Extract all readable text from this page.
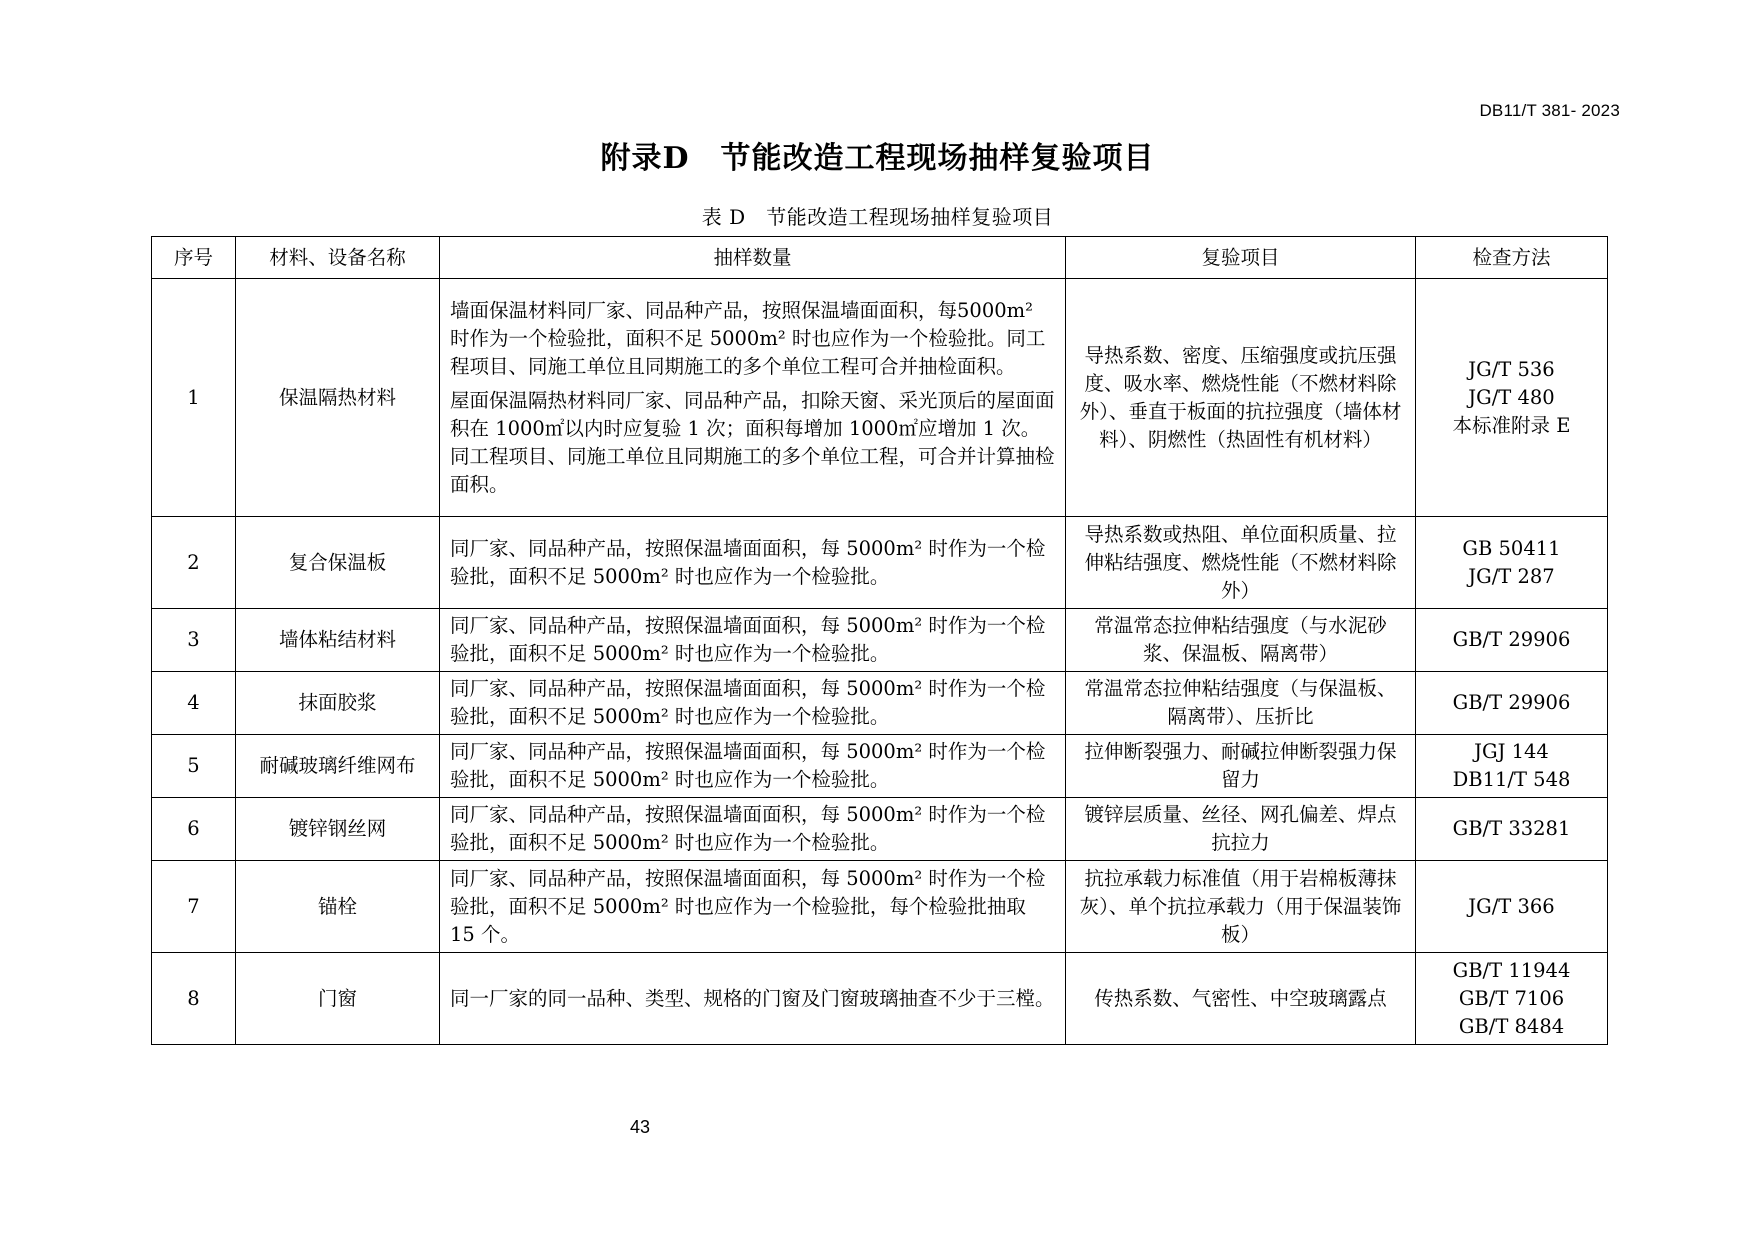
DB11/T 381- 2023
附录D　节能改造工程现场抽样复验项目
表 D　节能改造工程现场抽样复验项目
序号	材料、设备名称	抽样数量	复验项目	检查方法
1	保温隔热材料	墙面保温材料同厂家、同品种产品，按照保温墙面面积，每5000m² 时作为一个检验批，面积不足 5000m² 时也应作为一个检验批。同工程项目、同施工单位且同期施工的多个单位工程可合并抽检面积。
屋面保温隔热材料同厂家、同品种产品，扣除天窗、采光顶后的屋面面积在 1000㎡以内时应复验 1 次；面积每增加 1000㎡应增加 1 次。同工程项目、同施工单位且同期施工的多个单位工程，可合并计算抽检面积。	导热系数、密度、压缩强度或抗压强度、吸水率、燃烧性能（不燃材料除外）、垂直于板面的抗拉强度（墙体材料）、阴燃性（热固性有机材料）	JG/T 536
JG/T 480
本标准附录 E

2	复合保温板	同厂家、同品种产品，按照保温墙面面积，每 5000m² 时作为一个检验批，面积不足 5000m² 时也应作为一个检验批。	导热系数或热阻、单位面积质量、拉伸粘结强度、燃烧性能（不燃材料除外）	GB 50411
JG/T 287

3	墙体粘结材料	同厂家、同品种产品，按照保温墙面面积，每 5000m² 时作为一个检验批，面积不足 5000m² 时也应作为一个检验批。	常温常态拉伸粘结强度（与水泥砂浆、保温板、隔离带）	GB/T 29906

4	抹面胶浆	同厂家、同品种产品，按照保温墙面面积，每 5000m² 时作为一个检验批，面积不足 5000m² 时也应作为一个检验批。	常温常态拉伸粘结强度（与保温板、隔离带）、压折比	GB/T 29906

5	耐碱玻璃纤维网布	同厂家、同品种产品，按照保温墙面面积，每 5000m² 时作为一个检验批，面积不足 5000m² 时也应作为一个检验批。	拉伸断裂强力、耐碱拉伸断裂强力保留力	JGJ 144
DB11/T 548

6	镀锌钢丝网	同厂家、同品种产品，按照保温墙面面积，每 5000m² 时作为一个检验批，面积不足 5000m² 时也应作为一个检验批。	镀锌层质量、丝径、网孔偏差、焊点抗拉力	GB/T 33281

7	锚栓	同厂家、同品种产品，按照保温墙面面积，每 5000m² 时作为一个检验批，面积不足 5000m² 时也应作为一个检验批，每个检验批抽取 15 个。	抗拉承载力标准值（用于岩棉板薄抹灰）、单个抗拉承载力（用于保温装饰板）	JG/T 366

8	门窗	同一厂家的同一品种、类型、规格的门窗及门窗玻璃抽查不少于三樘。	传热系数、气密性、中空玻璃露点	GB/T 11944
GB/T 7106
GB/T 8484
43
